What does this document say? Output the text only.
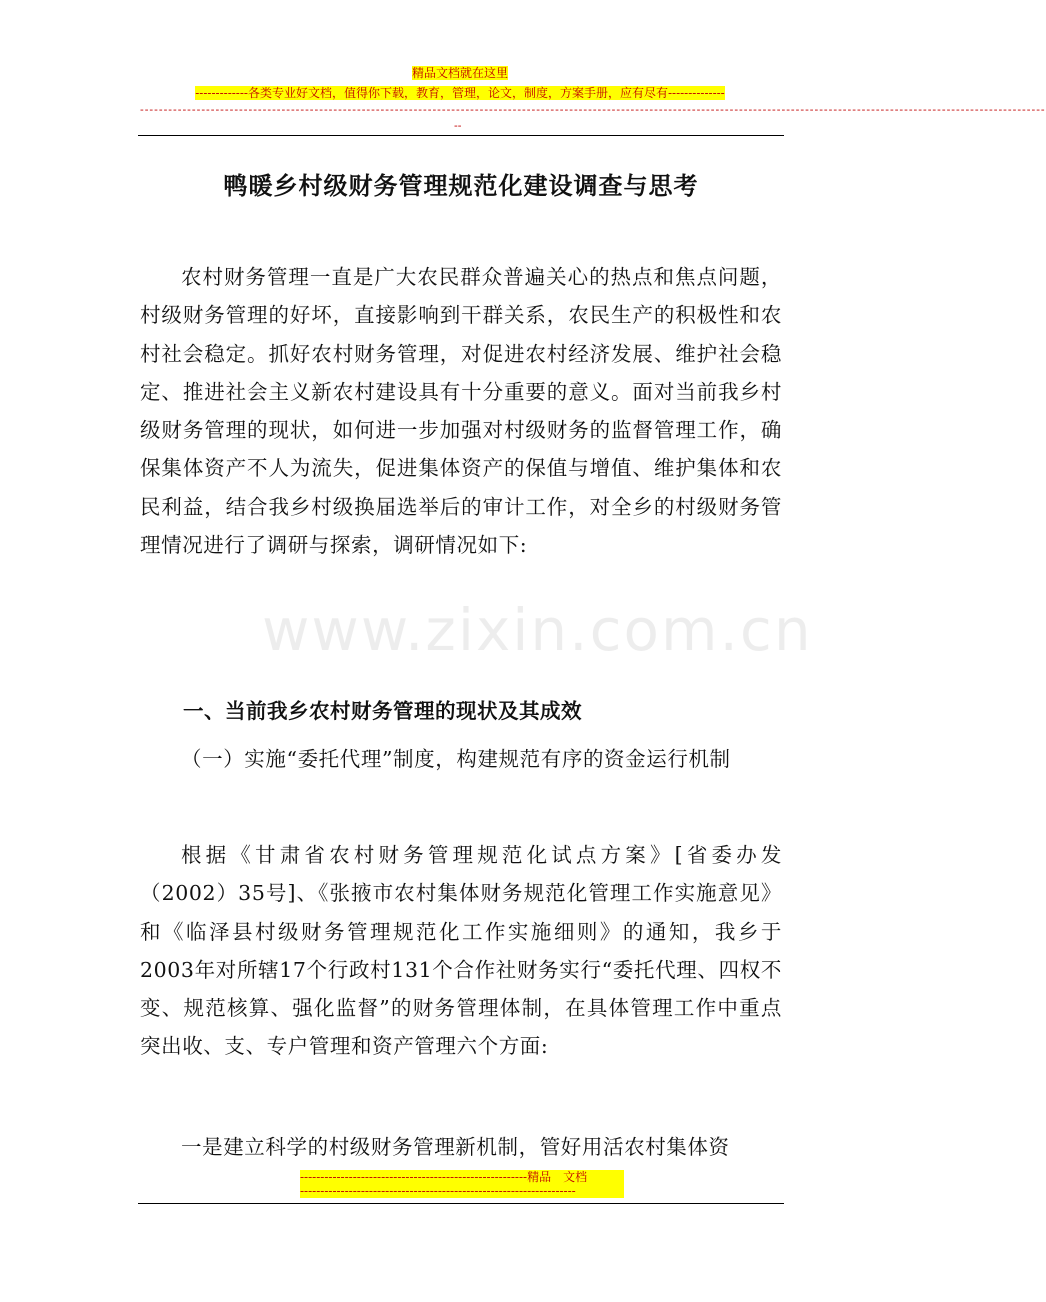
精品文档就在这里
-------------各类专业好文档，值得你下载，教育，管理，论文，制度，方案手册，应有尽有--------------
------------------------------------------------------------------------------------------------------------------------------------------------------------------------------------------------
--
鸭暖乡村级财务管理规范化建设调查与思考
农村财务管理一直是广大农民群众普遍关心的热点和焦点问题，村级财务管理的好坏，直接影响到干群关系，农民生产的积极性和农村社会稳定。抓好农村财务管理，对促进农村经济发展、维护社会稳定、推进社会主义新农村建设具有十分重要的意义。面对当前我乡村级财务管理的现状，如何进一步加强对村级财务的监督管理工作，确保集体资产不人为流失，促进集体资产的保值与增值、维护集体和农民利益，结合我乡村级换届选举后的审计工作，对全乡的村级财务管理情况进行了调研与探索，调研情况如下:
一、当前我乡农村财务管理的现状及其成效
（一）实施“委托代理”制度，构建规范有序的资金运行机制
根据《甘肃省农村财务管理规范化试点方案》[省委办发（2002）35号]、《张掖市农村集体财务规范化管理工作实施意见》和《临泽县村级财务管理规范化工作实施细则》的通知，我乡于2003年对所辖17个行政村131个合作社财务实行“委托代理、四权不变、规范核算、强化监督”的财务管理体制，在具体管理工作中重点突出收、支、专户管理和资产管理六个方面:
一是建立科学的村级财务管理新机制，管好用活农村集体资
www.zixin.com.cn
--------------------------------------------------------精品　文档
--------------------------------------------------------------------
